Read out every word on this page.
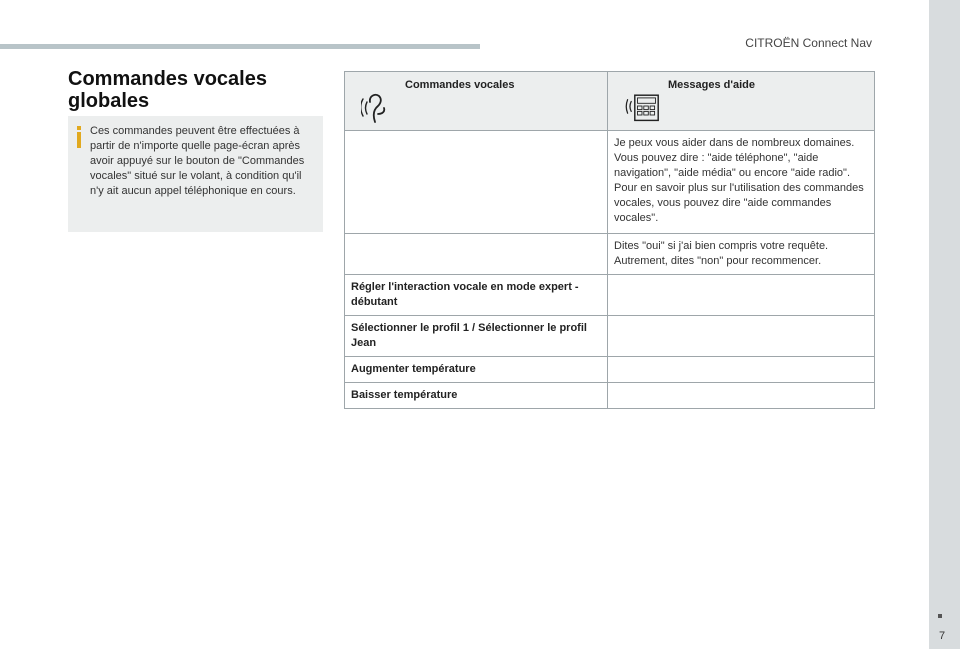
CITROËN Connect Nav
7
Commandes vocales globales
Ces commandes peuvent être effectuées à partir de n'importe quelle page-écran après avoir appuyé sur le bouton de "Commandes vocales" situé sur le volant, à condition qu'il n'y ait aucun appel téléphonique en cours.
Commandes vocales	Messages d'aide

	Je peux vous aider dans de nombreux domaines. Vous pouvez dire : "aide téléphone", "aide navigation", "aide média" ou encore "aide radio". Pour en savoir plus sur l'utilisation des commandes vocales, vous pouvez dire "aide commandes vocales".
	Dites "oui" si j'ai bien compris votre requête. Autrement, dites "non" pour recommencer.
Régler l'interaction vocale en mode expert - débutant	
Sélectionner le profil 1 / Sélectionner le profil Jean	
Augmenter température	
Baisser température	
